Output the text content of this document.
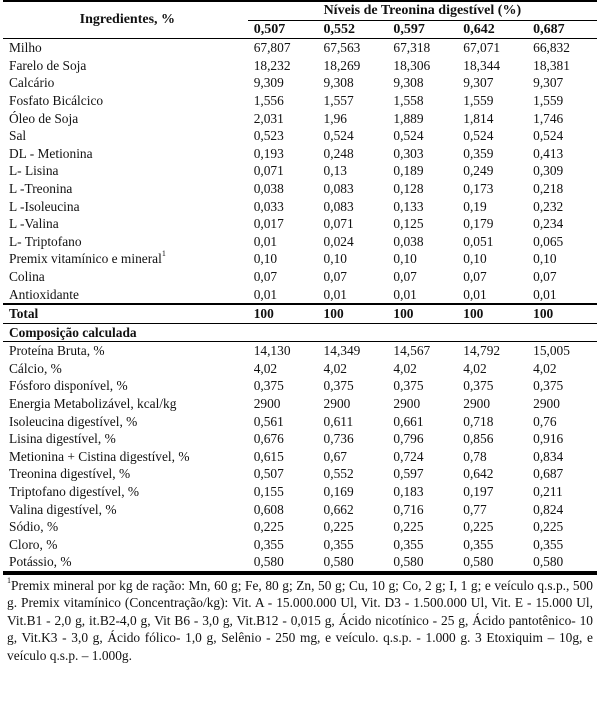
Ingredientes, %	Níveis de Treonina digestível (%)				
	0,507	0,552	0,597	0,642	0,687
Milho	67,807	67,563	67,318	67,071	66,832
Farelo de Soja	18,232	18,269	18,306	18,344	18,381
Calcário	9,309	9,308	9,308	9,307	9,307
Fosfato Bicálcico	1,556	1,557	1,558	1,559	1,559
Óleo de Soja	2,031	1,96	1,889	1,814	1,746
Sal	0,523	0,524	0,524	0,524	0,524
DL - Metionina	0,193	0,248	0,303	0,359	0,413
L- Lisina	0,071	0,13	0,189	0,249	0,309
L -Treonina	0,038	0,083	0,128	0,173	0,218
L -Isoleucina	0,033	0,083	0,133	0,19	0,232
L -Valina	0,017	0,071	0,125	0,179	0,234
L- Triptofano	0,01	0,024	0,038	0,051	0,065
Premix vitamínico e mineral$^1$	0,10	0,10	0,10	0,10	0,10
Colina	0,07	0,07	0,07	0,07	0,07
Antioxidante	0,01	0,01	0,01	0,01	0,01
Total	100	100	100	100	100
Composição calculada					
Proteína Bruta, %	14,130	14,349	14,567	14,792	15,005
Cálcio, %	4,02	4,02	4,02	4,02	4,02
Fósforo disponível, %	0,375	0,375	0,375	0,375	0,375
Energia Metabolizável, kcal/kg	2900	2900	2900	2900	2900
Isoleucina digestível, %	0,561	0,611	0,661	0,718	0,76
Lisina digestível, %	0,676	0,736	0,796	0,856	0,916
Metionina + Cistina digestível, %	0,615	0,67	0,724	0,78	0,834
Treonina digestível, %	0,507	0,552	0,597	0,642	0,687
Triptofano digestível, %	0,155	0,169	0,183	0,197	0,211
Valina digestível, %	0,608	0,662	0,716	0,77	0,824
Sódio, %	0,225	0,225	0,225	0,225	0,225
Cloro, %	0,355	0,355	0,355	0,355	0,355
Potássio, %	0,580	0,580	0,580	0,580	0,580
$^1$Premix mineral por kg de ração: Mn, 60 g; Fe, 80 g; Zn, 50 g; Cu, 10 g; Co, 2 g; I, 1 g; e veículo q.s.p., 500 g. Premix vitamínico (Concentração/kg): Vit. A - 15.000.000 Ul, Vit. D3 - 1.500.000 Ul, Vit. E - 15.000 Ul, Vit.B1 - 2,0 g, it.B2-4,0 g, Vit B6 - 3,0 g, Vit.B12 - 0,015 g, Ácido nicotínico - 25 g, Ácido pantotênico- 10 g, Vit.K3 - 3,0 g, Ácido fólico- 1,0 g, Selênio - 250 mg, e veículo. q.s.p. - 1.000 g. 3 Etoxiquim – 10g, e veículo q.s.p. – 1.000g.
